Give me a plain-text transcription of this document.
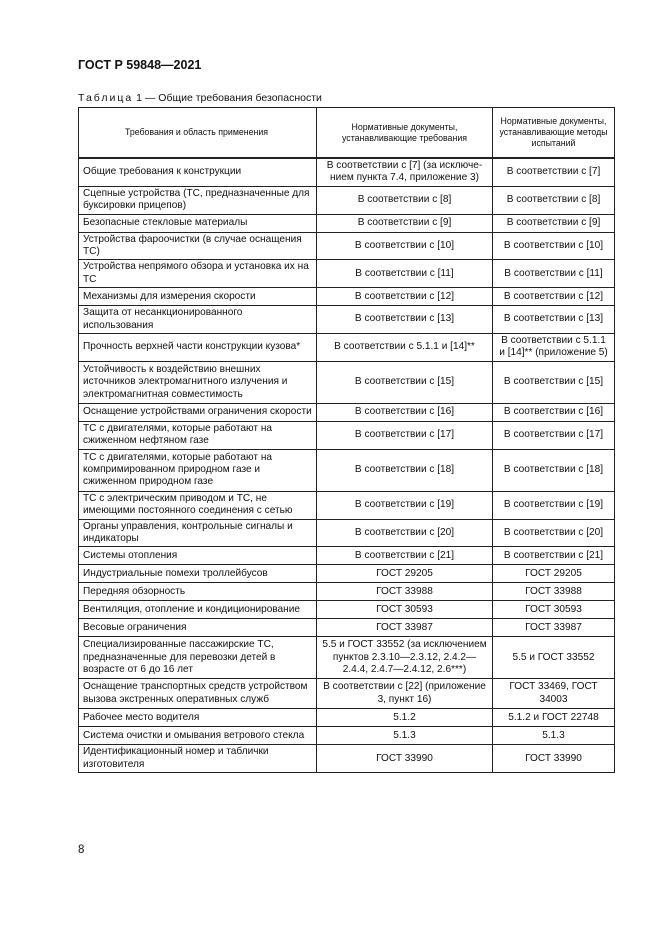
ГОСТ Р 59848—2021
Таблица 1 — Общие требования безопасности
Требования и область применения	Нормативные документы, устанавливающие требования	Нормативные документы, устанавливающие методы испытаний
Общие требования к конструкции	В соответствии с [7] (за исключе-нием пункта 7.4, приложение 3)	В соответствии с [7]
Сцепные устройства (ТС, предназначенные для буксировки прицепов)	В соответствии с [8]	В соответствии с [8]
Безопасные стекловые материалы	В соответствии с [9]	В соответствии с [9]
Устройства фароочистки (в случае оснащения ТС)	В соответствии с [10]	В соответствии с [10]
Устройства непрямого обзора и установка их на ТС	В соответствии с [11]	В соответствии с [11]
Механизмы для измерения скорости	В соответствии с [12]	В соответствии с [12]
Защита от несанкционированного использования	В соответствии с [13]	В соответствии с [13]
Прочность верхней части конструкции кузова*	В соответствии с 5.1.1 и [14]**	В соответствии с 5.1.1 и [14]** (приложение 5)
Устойчивость к воздействию внешних источников электромагнитного излучения и электромагнитная совместимость	В соответствии с [15]	В соответствии с [15]
Оснащение устройствами ограничения скорости	В соответствии с [16]	В соответствии с [16]
ТС с двигателями, которые работают на сжиженном нефтяном газе	В соответствии с [17]	В соответствии с [17]
ТС с двигателями, которые работают на компримированном природном газе и сжиженном природном газе	В соответствии с [18]	В соответствии с [18]
ТС с электрическим приводом и ТС, не имеющими постоянного соединения с сетью	В соответствии с [19]	В соответствии с [19]
Органы управления, контрольные сигналы и индикаторы	В соответствии с [20]	В соответствии с [20]
Системы отопления	В соответствии с [21]	В соответствии с [21]
Индустриальные помехи троллейбусов	ГОСТ 29205	ГОСТ 29205
Передняя обзорность	ГОСТ 33988	ГОСТ 33988
Вентиляция, отопление и кондиционирование	ГОСТ 30593	ГОСТ 30593
Весовые ограничения	ГОСТ 33987	ГОСТ 33987
Специализированные пассажирские ТС, предназначенные для перевозки детей в возрасте от 6 до 16 лет	5.5 и ГОСТ 33552 (за исключением пунктов 2.3.10—2.3.12, 2.4.2—2.4.4, 2.4.7—2.4.12, 2.6***)	5.5 и ГОСТ 33552
Оснащение транспортных средств устройством вызова экстренных оперативных служб	В соответствии с [22] (приложение 3, пункт 16)	ГОСТ 33469, ГОСТ 34003
Рабочее место водителя	5.1.2	5.1.2 и ГОСТ 22748
Система очистки и омывания ветрового стекла	5.1.3	5.1.3
Идентификационный номер и таблички изготовителя	ГОСТ 33990	ГОСТ 33990
8
